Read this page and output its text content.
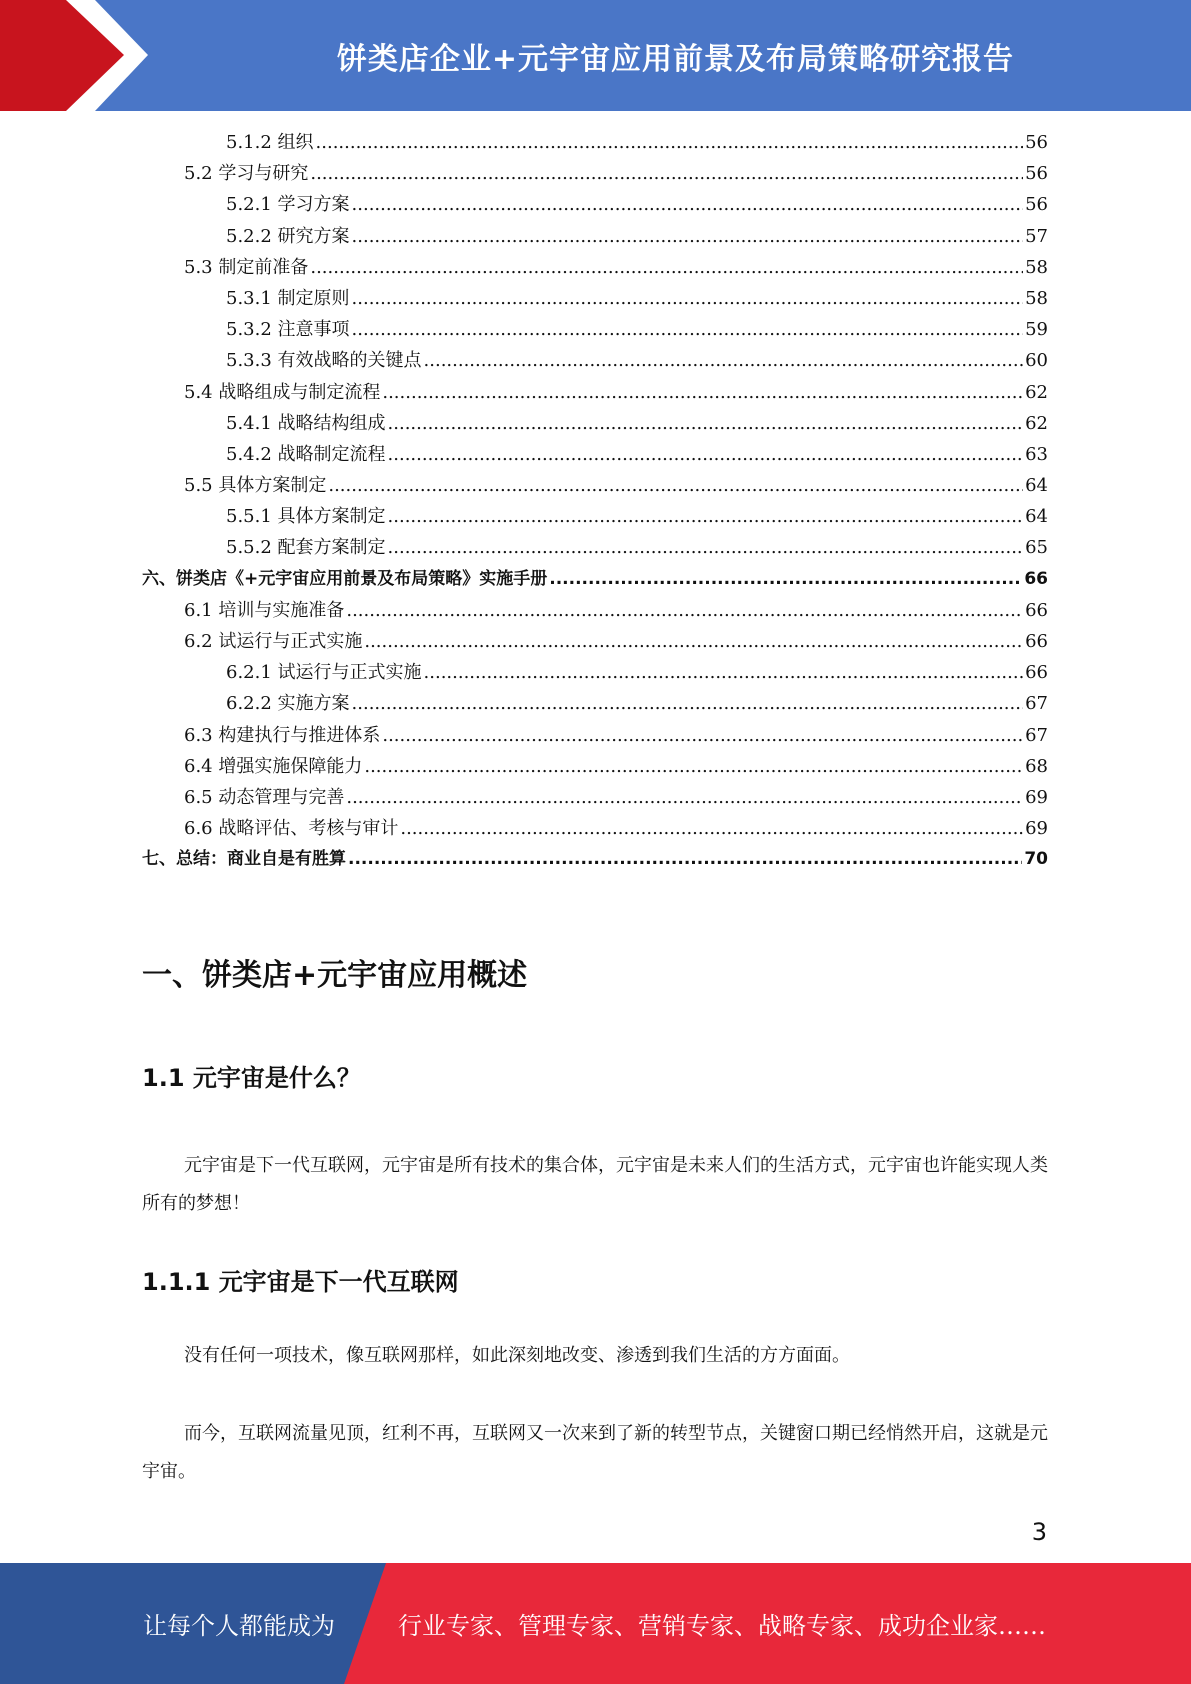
饼类店企业+元宇宙应用前景及布局策略研究报告
5.1.2 组织 .....	56
5.2 学习与研究 .....	56
5.2.1 学习方案 .....	56
5.2.2 研究方案 .....	57
5.3 制定前准备 .....	58
5.3.1 制定原则 .....	58
5.3.2 注意事项 .....	59
5.3.3 有效战略的关键点 .....	60
5.4 战略组成与制定流程 .....	62
5.4.1 战略结构组成 .....	62
5.4.2 战略制定流程 .....	63
5.5 具体方案制定 .....	64
5.5.1 具体方案制定 .....	64
5.5.2 配套方案制定 .....	65
六、饼类店《+元宇宙应用前景及布局策略》实施手册 .....	66
6.1 培训与实施准备 .....	66
6.2 试运行与正式实施 .....	66
6.2.1 试运行与正式实施 .....	66
6.2.2 实施方案 .....	67
6.3 构建执行与推进体系 .....	67
6.4 增强实施保障能力 .....	68
6.5 动态管理与完善 .....	69
6.6 战略评估、考核与审计 .....	69
七、总结：商业自是有胜算 .....	70
一、饼类店+元宇宙应用概述
1.1 元宇宙是什么？
元宇宙是下一代互联网，元宇宙是所有技术的集合体，元宇宙是未来人们的生活方式，元宇宙也许能实现人类所有的梦想！
1.1.1 元宇宙是下一代互联网
没有任何一项技术，像互联网那样，如此深刻地改变、渗透到我们生活的方方面面。
而今，互联网流量见顶，红利不再，互联网又一次来到了新的转型节点，关键窗口期已经悄然开启，这就是元宇宙。
3
让每个人都能成为	行业专家、管理专家、营销专家、战略专家、成功企业家……
